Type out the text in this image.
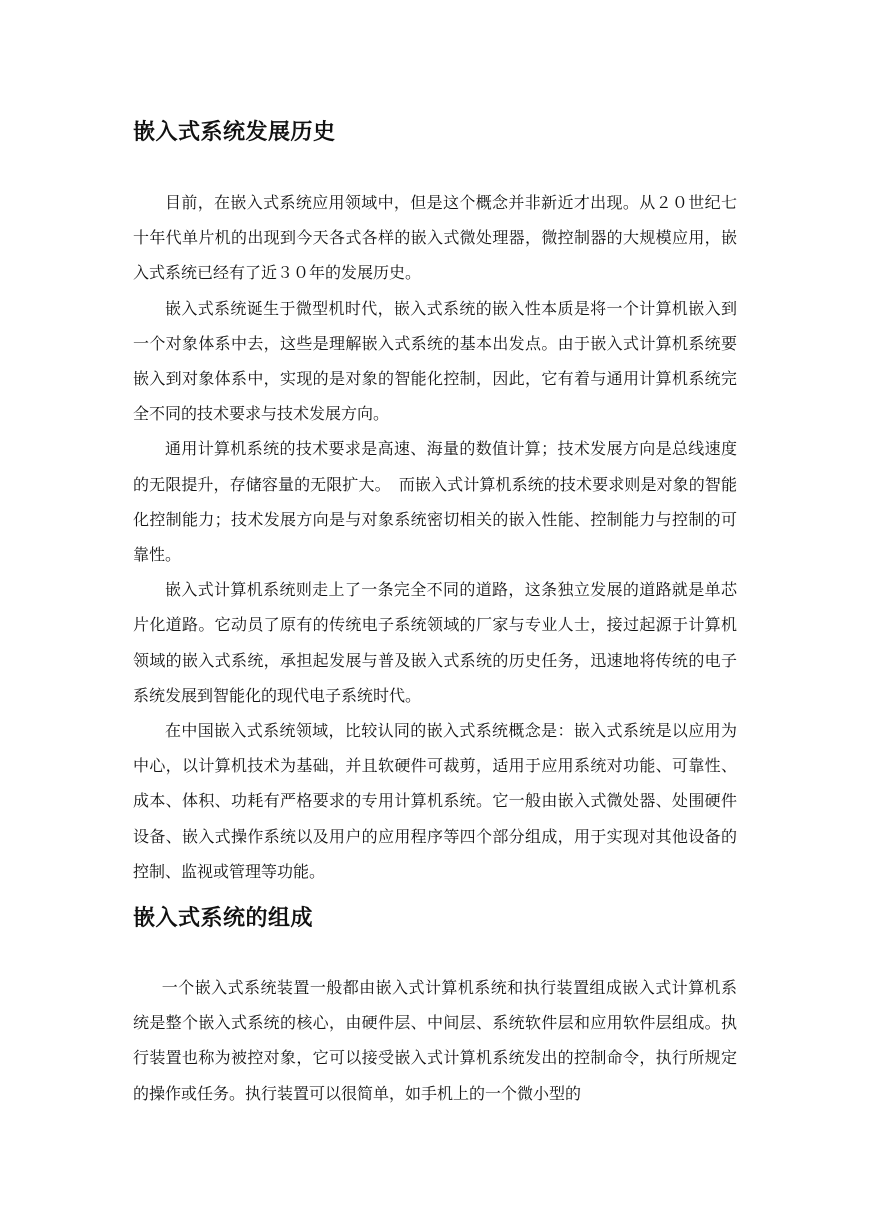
嵌入式系统发展历史

目前，在嵌入式系统应用领域中，但是这个概念并非新近才出现。从２０世纪七十年代单片机的出现到今天各式各样的嵌入式微处理器，微控制器的大规模应用，嵌入式系统已经有了近３０年的发展历史。

嵌入式系统诞生于微型机时代，嵌入式系统的嵌入性本质是将一个计算机嵌入到一个对象体系中去，这些是理解嵌入式系统的基本出发点。由于嵌入式计算机系统要嵌入到对象体系中，实现的是对象的智能化控制，因此，它有着与通用计算机系统完全不同的技术要求与技术发展方向。

通用计算机系统的技术要求是高速、海量的数值计算；技术发展方向是总线速度的无限提升，存储容量的无限扩大。　而嵌入式计算机系统的技术要求则是对象的智能化控制能力；技术发展方向是与对象系统密切相关的嵌入性能、控制能力与控制的可靠性。

嵌入式计算机系统则走上了一条完全不同的道路，这条独立发展的道路就是单芯片化道路。它动员了原有的传统电子系统领域的厂家与专业人士，接过起源于计算机领域的嵌入式系统，承担起发展与普及嵌入式系统的历史任务，迅速地将传统的电子系统发展到智能化的现代电子系统时代。

在中国嵌入式系统领域，比较认同的嵌入式系统概念是：嵌入式系统是以应用为中心，以计算机技术为基础，并且软硬件可裁剪，适用于应用系统对功能、可靠性、成本、体积、功耗有严格要求的专用计算机系统。它一般由嵌入式微处器、处围硬件设备、嵌入式操作系统以及用户的应用程序等四个部分组成，用于实现对其他设备的控制、监视或管理等功能。

嵌入式系统的组成

一个嵌入式系统装置一般都由嵌入式计算机系统和执行装置组成嵌入式计算机系统是整个嵌入式系统的核心，由硬件层、中间层、系统软件层和应用软件层组成。执行装置也称为被控对象，它可以接受嵌入式计算机系统发出的控制命令，执行所规定的操作或任务。执行装置可以很简单，如手机上的一个微小型的
